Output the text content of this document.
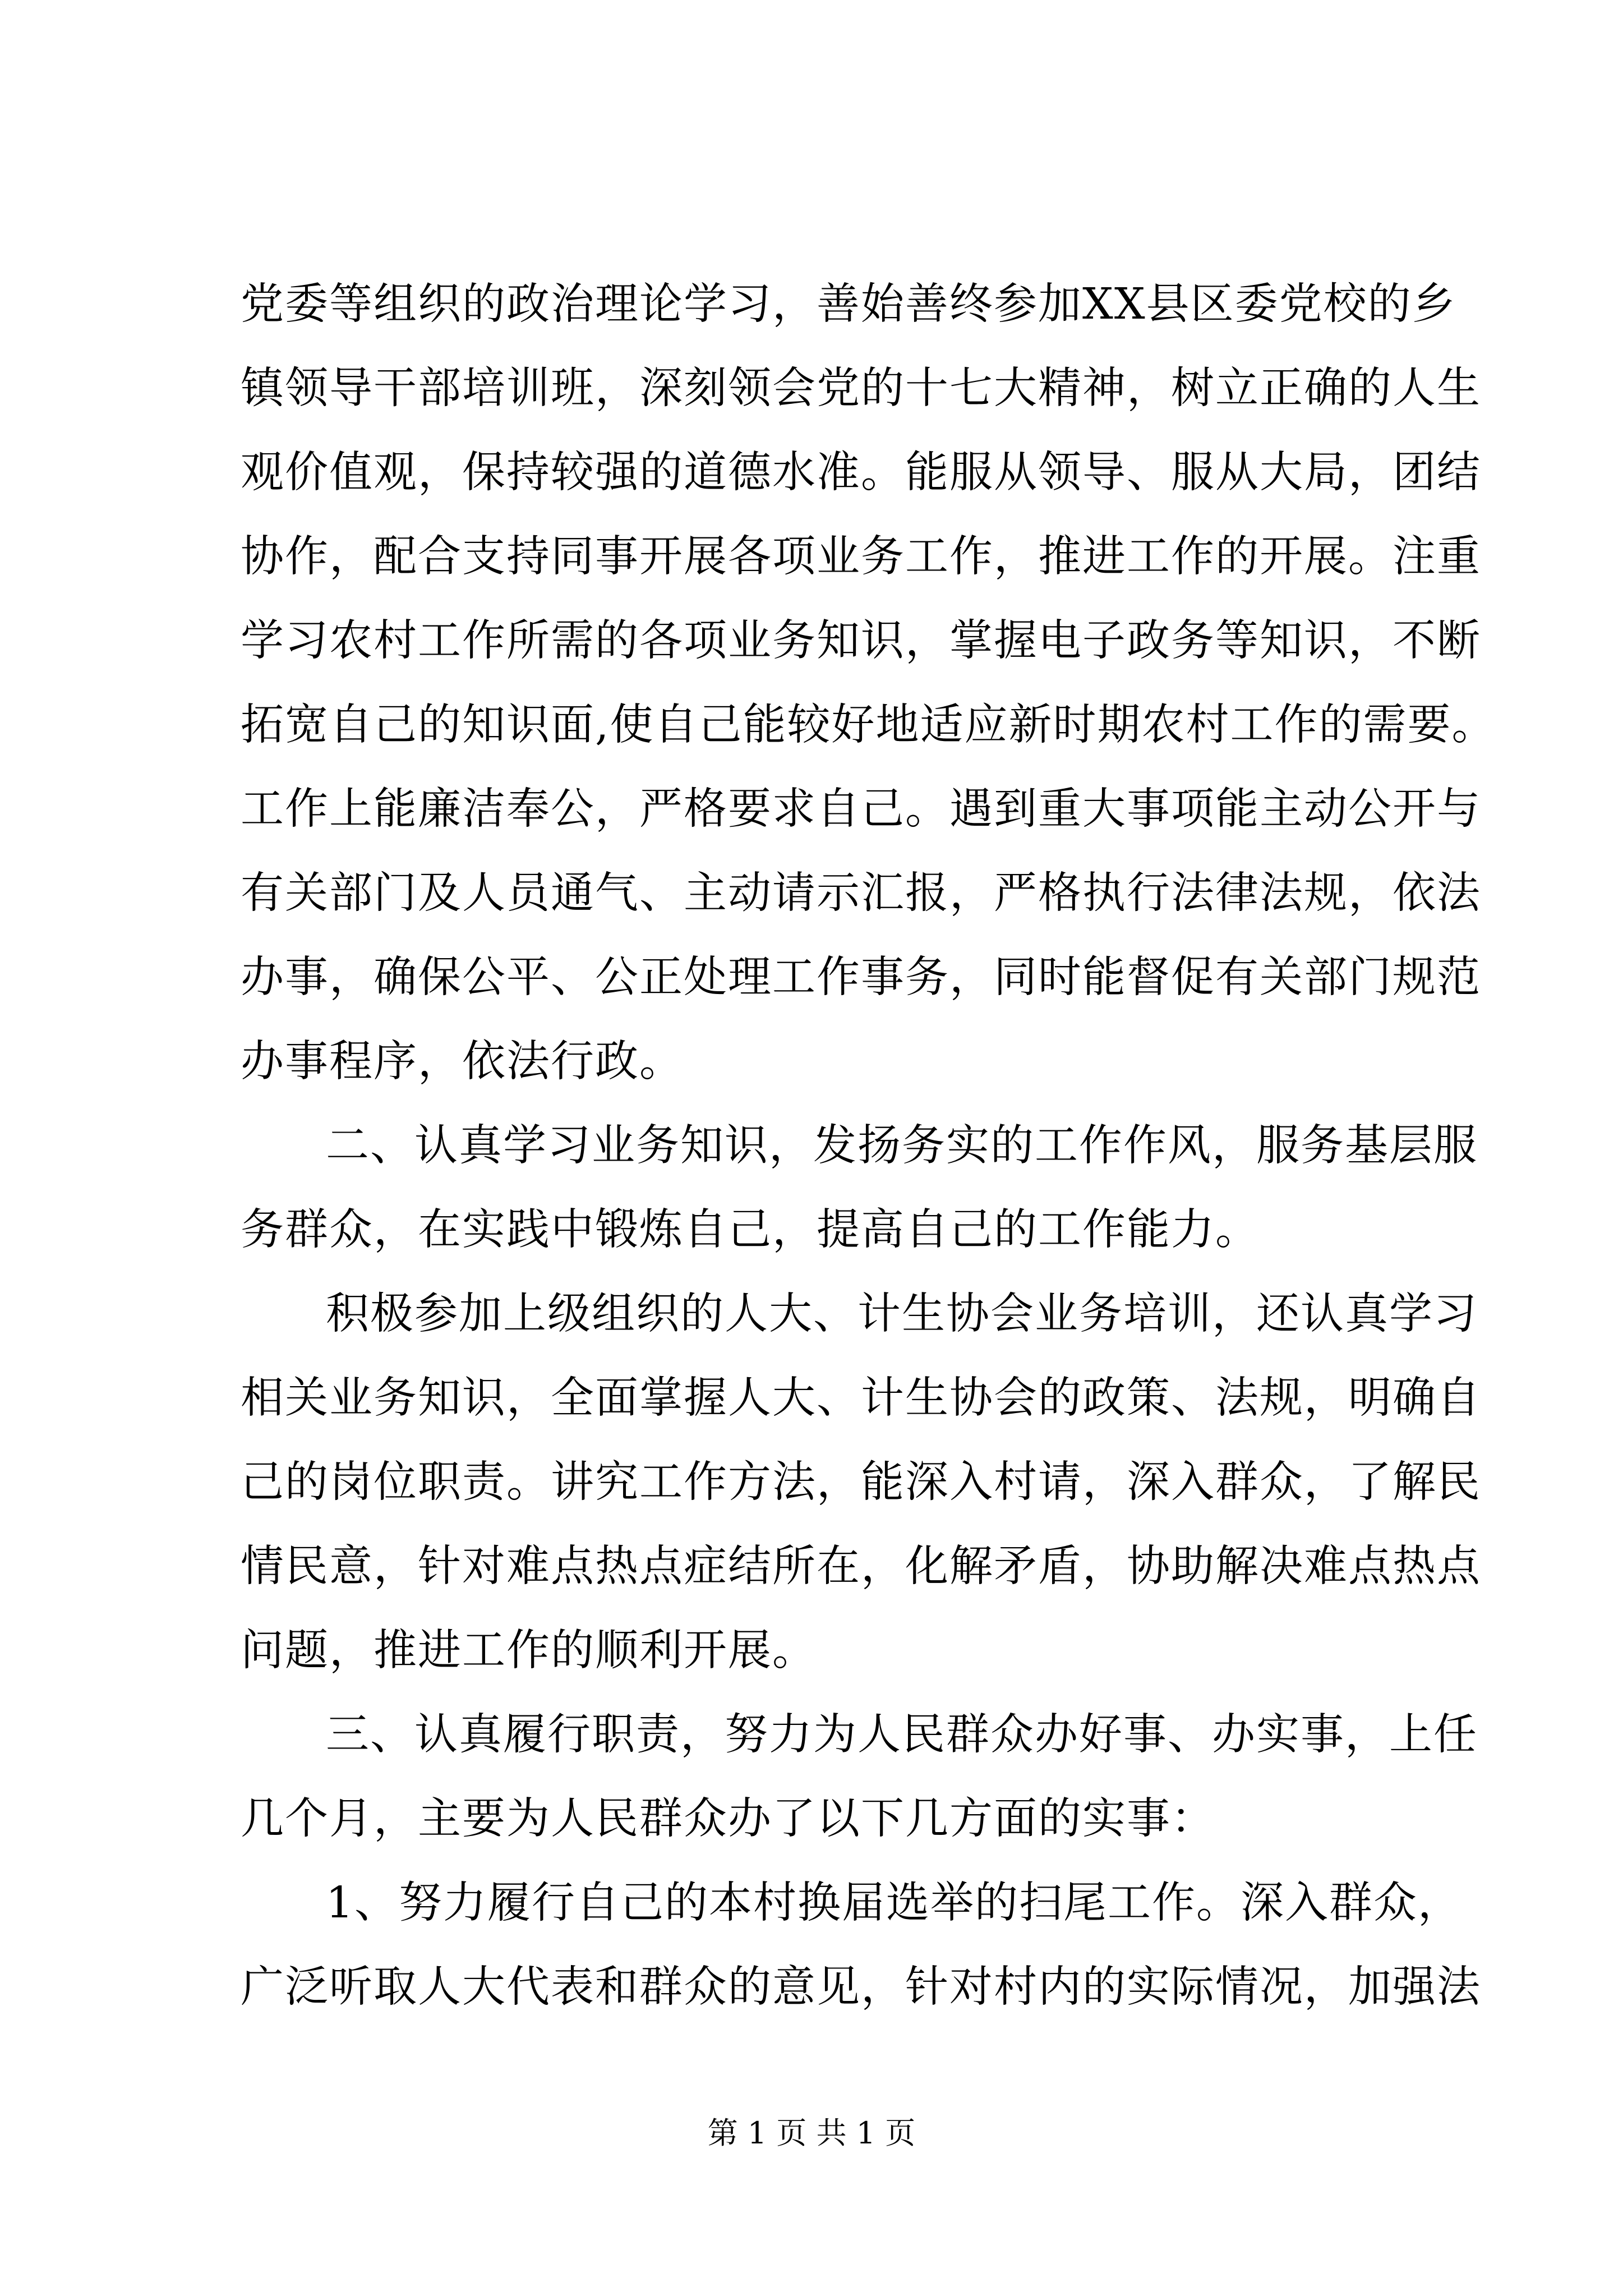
党委等组织的政治理论学习，善始善终参加XX县区委党校的乡
镇领导干部培训班，深刻领会党的十七大精神，树立正确的人生
观价值观，保持较强的道德水准。能服从领导、服从大局，团结
协作，配合支持同事开展各项业务工作，推进工作的开展。注重
学习农村工作所需的各项业务知识，掌握电子政务等知识，不断
拓宽自己的知识面,使自己能较好地适应新时期农村工作的需要。
工作上能廉洁奉公，严格要求自己。遇到重大事项能主动公开与
有关部门及人员通气、主动请示汇报，严格执行法律法规，依法
办事，确保公平、公正处理工作事务，同时能督促有关部门规范
办事程序，依法行政。
二、认真学习业务知识，发扬务实的工作作风，服务基层服
务群众，在实践中锻炼自己，提高自己的工作能力。
积极参加上级组织的人大、计生协会业务培训，还认真学习
相关业务知识，全面掌握人大、计生协会的政策、法规，明确自
己的岗位职责。讲究工作方法，能深入村请，深入群众，了解民
情民意，针对难点热点症结所在，化解矛盾，协助解决难点热点
问题，推进工作的顺利开展。
三、认真履行职责，努力为人民群众办好事、办实事，上任
几个月，主要为人民群众办了以下几方面的实事：
1、努力履行自己的本村换届选举的扫尾工作。深入群众，
广泛听取人大代表和群众的意见，针对村内的实际情况，加强法
第 1 页 共 1 页
